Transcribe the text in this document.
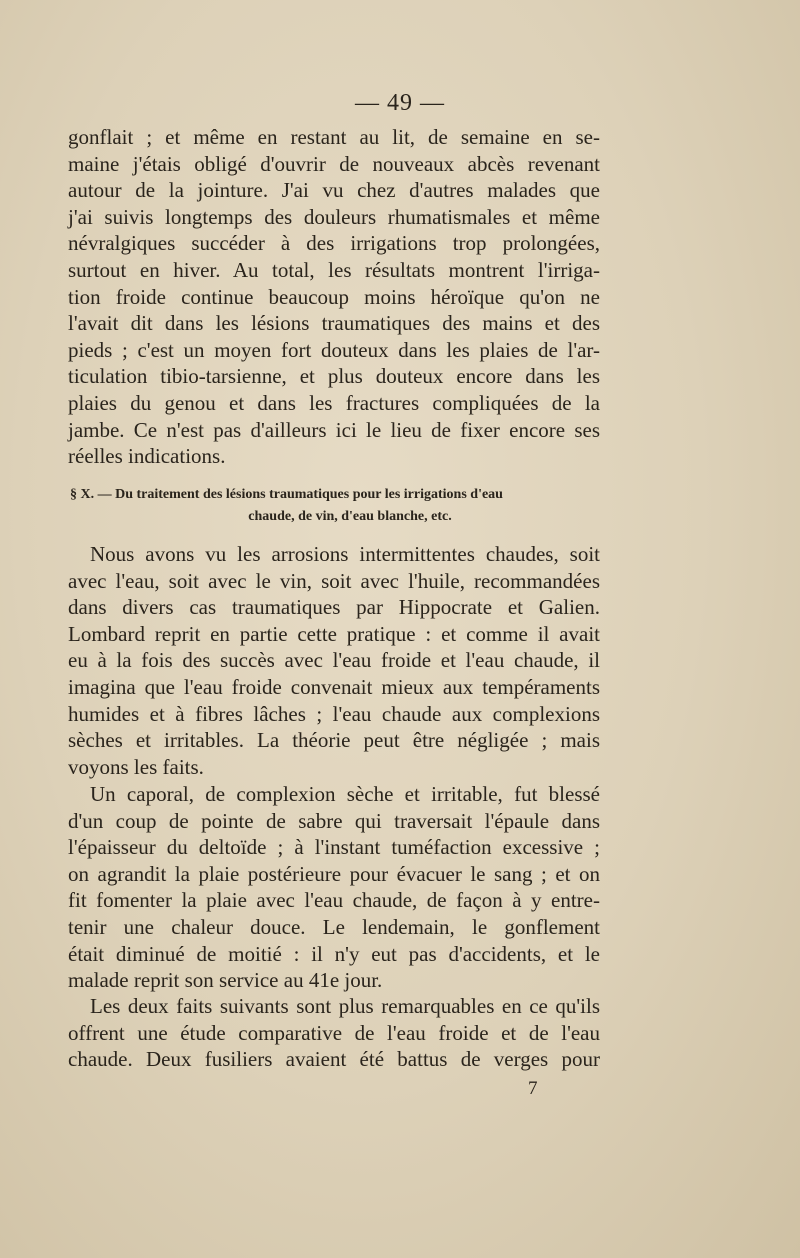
— 49 —
gonflait ; et même en restant au lit, de semaine en se-
maine j'étais obligé d'ouvrir de nouveaux abcès revenant
autour de la jointure. J'ai vu chez d'autres malades que
j'ai suivis longtemps des douleurs rhumatismales et même
névralgiques succéder à des irrigations trop prolongées,
surtout en hiver. Au total, les résultats montrent l'irriga-
tion froide continue beaucoup moins héroïque qu'on ne
l'avait dit dans les lésions traumatiques des mains et des
pieds ; c'est un moyen fort douteux dans les plaies de l'ar-
ticulation tibio-tarsienne, et plus douteux encore dans les
plaies du genou et dans les fractures compliquées de la
jambe. Ce n'est pas d'ailleurs ici le lieu de fixer encore ses
réelles indications.
§ X. — Du traitement des lésions traumatiques pour les irrigations d'eau
chaude, de vin, d'eau blanche, etc.
Nous avons vu les arrosions intermittentes chaudes, soit
avec l'eau, soit avec le vin, soit avec l'huile, recommandées
dans divers cas traumatiques par Hippocrate et Galien.
Lombard reprit en partie cette pratique : et comme il avait
eu à la fois des succès avec l'eau froide et l'eau chaude, il
imagina que l'eau froide convenait mieux aux tempéraments
humides et à fibres lâches ; l'eau chaude aux complexions
sèches et irritables. La théorie peut être négligée ; mais
voyons les faits.
Un caporal, de complexion sèche et irritable, fut blessé
d'un coup de pointe de sabre qui traversait l'épaule dans
l'épaisseur du deltoïde ; à l'instant tuméfaction excessive ;
on agrandit la plaie postérieure pour évacuer le sang ; et on
fit fomenter la plaie avec l'eau chaude, de façon à y entre-
tenir une chaleur douce. Le lendemain, le gonflement
était diminué de moitié : il n'y eut pas d'accidents, et le
malade reprit son service au 41e jour.
Les deux faits suivants sont plus remarquables en ce qu'ils
offrent une étude comparative de l'eau froide et de l'eau
chaude. Deux fusiliers avaient été battus de verges pour
7
